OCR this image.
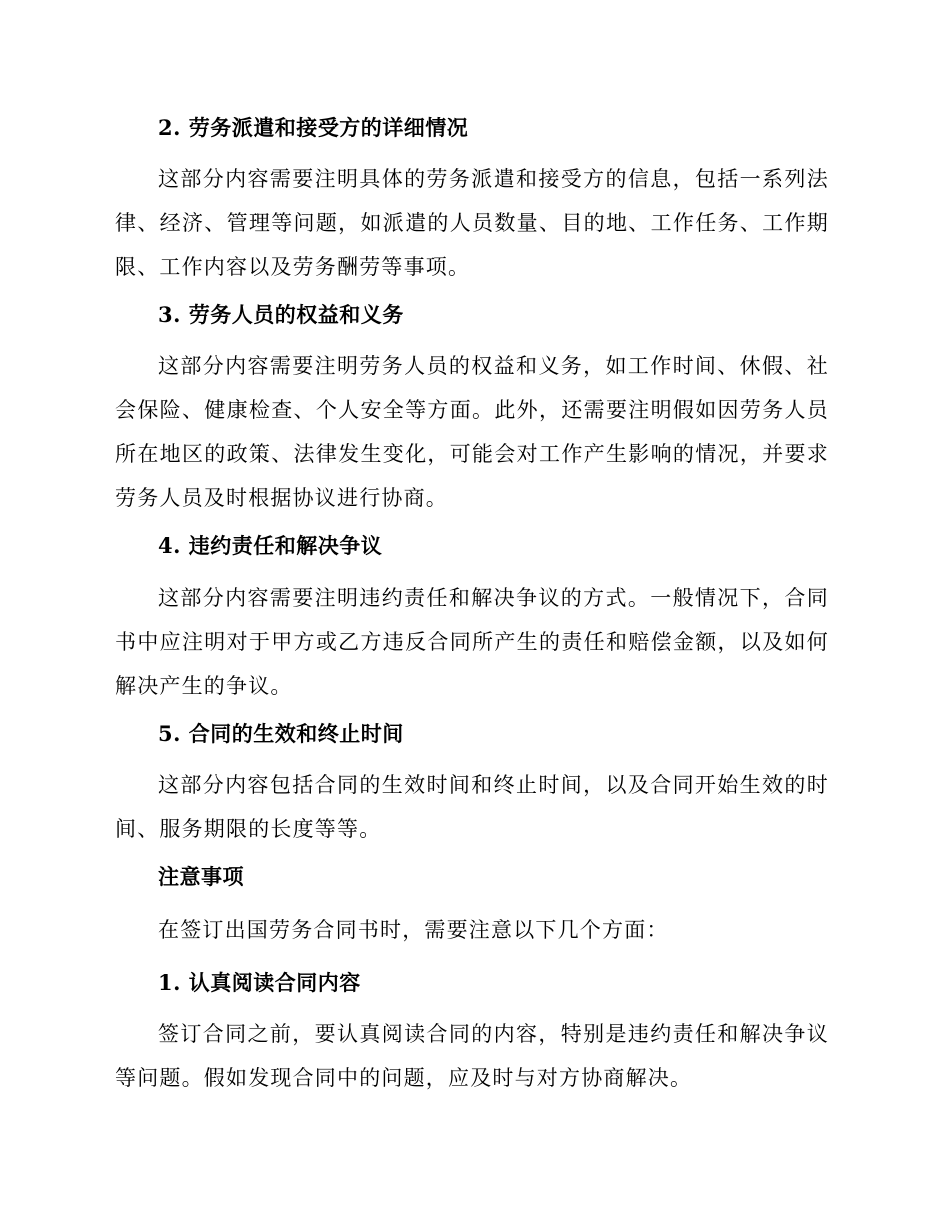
2. 劳务派遣和接受方的详细情况
这部分内容需要注明具体的劳务派遣和接受方的信息，包括一系列法律、经济、管理等问题，如派遣的人员数量、目的地、工作任务、工作期限、工作内容以及劳务酬劳等事项。
3. 劳务人员的权益和义务
这部分内容需要注明劳务人员的权益和义务，如工作时间、休假、社会保险、健康检查、个人安全等方面。此外，还需要注明假如因劳务人员所在地区的政策、法律发生变化，可能会对工作产生影响的情况，并要求劳务人员及时根据协议进行协商。
4. 违约责任和解决争议
这部分内容需要注明违约责任和解决争议的方式。一般情况下，合同书中应注明对于甲方或乙方违反合同所产生的责任和赔偿金额，以及如何解决产生的争议。
5. 合同的生效和终止时间
这部分内容包括合同的生效时间和终止时间，以及合同开始生效的时间、服务期限的长度等等。
注意事项
在签订出国劳务合同书时，需要注意以下几个方面：
1. 认真阅读合同内容
签订合同之前，要认真阅读合同的内容，特别是违约责任和解决争议等问题。假如发现合同中的问题，应及时与对方协商解决。
